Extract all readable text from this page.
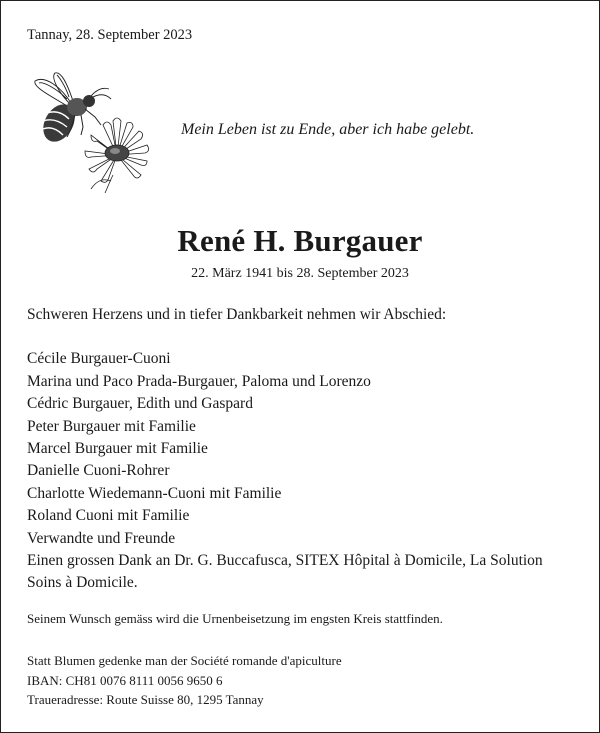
Tannay, 28. September 2023
Mein Leben ist zu Ende, aber ich habe gelebt.
René H. Burgauer
22. März 1941 bis 28. September 2023

Schweren Herzens und in tiefer Dankbarkeit nehmen wir Abschied:

Cécile Burgauer-Cuoni
Marina und Paco Prada-Burgauer, Paloma und Lorenzo
Cédric Burgauer, Edith und Gaspard
Peter Burgauer mit Familie
Marcel Burgauer mit Familie
Danielle Cuoni-Rohrer
Charlotte Wiedemann-Cuoni mit Familie
Roland Cuoni mit Familie
Verwandte und Freunde

Einen grossen Dank an Dr. G. Buccafusca, SITEX Hôpital à Domicile, La Solution Soins à Domicile.

Seinem Wunsch gemäss wird die Urnenbeisetzung im engsten Kreis stattfinden.
Statt Blumen gedenke man der Société romande d'apiculture
IBAN: CH81 0076 8111 0056 9650 6
Traueradresse: Route Suisse 80, 1295 Tannay
